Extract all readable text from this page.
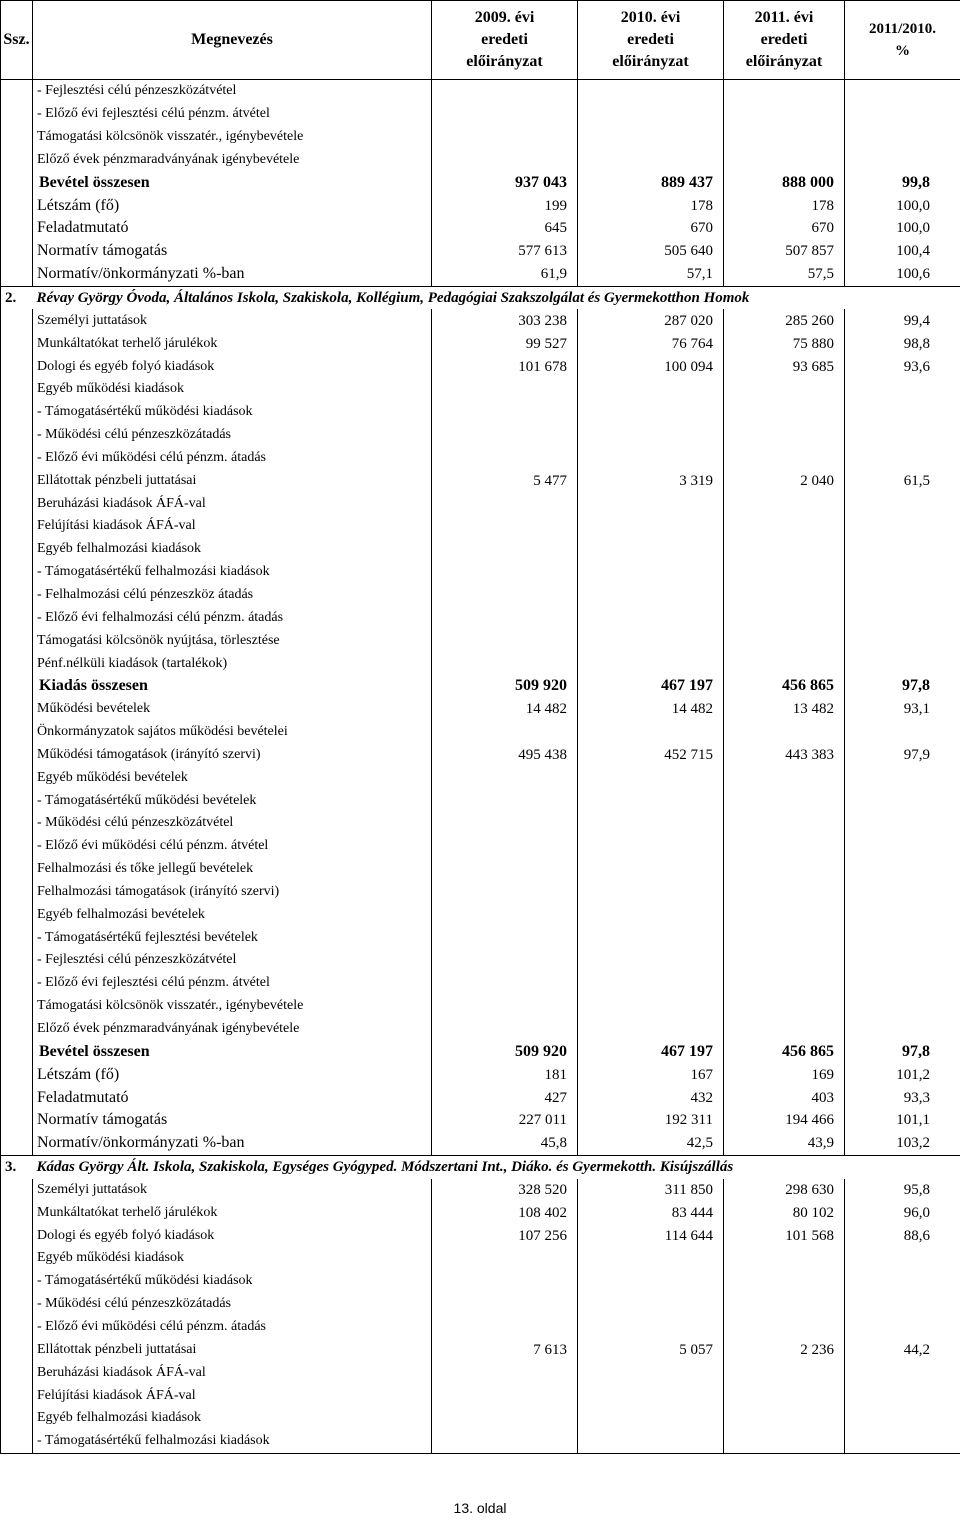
Ssz.	Megnevezés	2009. évi
eredeti
előirányzat	2010. évi
eredeti
előirányzat	2011. évi
eredeti
előirányzat	2011/2010.
%

	- Fejlesztési célú pénzeszközátvétel				
	- Előző évi fejlesztési célú pénzm. átvétel				
	Támogatási kölcsönök visszatér., igénybevétele				
	Előző évek pénzmaradványának igénybevétele				
	Bevétel összesen	937 043	889 437	888 000	99,8
	Létszám (fő)	199	178	178	100,0
	Feladatmutató	645	670	670	100,0
	Normatív támogatás	577 613	505 640	507 857	100,4
	Normatív/önkormányzati %-ban	61,9	57,1	57,5	100,6
2.	Révay György Óvoda, Általános Iskola, Szakiskola, Kollégium, Pedagógiai Szakszolgálat és Gyermekotthon Homok				
	Személyi juttatások	303 238	287 020	285 260	99,4
	Munkáltatókat terhelő járulékok	99 527	76 764	75 880	98,8
	Dologi és egyéb folyó kiadások	101 678	100 094	93 685	93,6
	Egyéb működési kiadások				
	- Támogatásértékű működési kiadások				
	- Működési célú pénzeszközátadás				
	- Előző évi működési célú pénzm. átadás				
	Ellátottak pénzbeli juttatásai	5 477	3 319	2 040	61,5
	Beruházási kiadások ÁFÁ-val				
	Felújítási kiadások ÁFÁ-val				
	Egyéb felhalmozási kiadások				
	- Támogatásértékű felhalmozási kiadások				
	- Felhalmozási célú pénzeszköz átadás				
	- Előző évi felhalmozási célú pénzm. átadás				
	Támogatási kölcsönök nyújtása, törlesztése				
	Pénf.nélküli kiadások (tartalékok)				
	Kiadás összesen	509 920	467 197	456 865	97,8
	Működési bevételek	14 482	14 482	13 482	93,1
	Önkormányzatok sajátos működési bevételei				
	Működési támogatások (irányító szervi)	495 438	452 715	443 383	97,9
	Egyéb működési bevételek				
	- Támogatásértékű működési bevételek				
	- Működési célú pénzeszközátvétel				
	- Előző évi működési célú pénzm. átvétel				
	Felhalmozási és tőke jellegű bevételek				
	Felhalmozási támogatások (irányító szervi)				
	Egyéb felhalmozási bevételek				
	- Támogatásértékű fejlesztési bevételek				
	- Fejlesztési célú pénzeszközátvétel				
	- Előző évi fejlesztési célú pénzm. átvétel				
	Támogatási kölcsönök visszatér., igénybevétele				
	Előző évek pénzmaradványának igénybevétele				
	Bevétel összesen	509 920	467 197	456 865	97,8
	Létszám (fő)	181	167	169	101,2
	Feladatmutató	427	432	403	93,3
	Normatív támogatás	227 011	192 311	194 466	101,1
	Normatív/önkormányzati %-ban	45,8	42,5	43,9	103,2
3.	Kádas György Ált. Iskola, Szakiskola, Egységes Gyógyped. Módszertani Int., Diákо. és Gyermekotth. Kisújszállás				
	Személyi juttatások	328 520	311 850	298 630	95,8
	Munkáltatókat terhelő járulékok	108 402	83 444	80 102	96,0
	Dologi és egyéb folyó kiadások	107 256	114 644	101 568	88,6
	Egyéb működési kiadások				
	- Támogatásértékű működési kiadások				
	- Működési célú pénzeszközátadás				
	- Előző évi működési célú pénzm. átadás				
	Ellátottak pénzbeli juttatásai	7 613	5 057	2 236	44,2
	Beruházási kiadások ÁFÁ-val				
	Felújítási kiadások ÁFÁ-val				
	Egyéb felhalmozási kiadások				
	- Támogatásértékű felhalmozási kiadások				
13. oldal
